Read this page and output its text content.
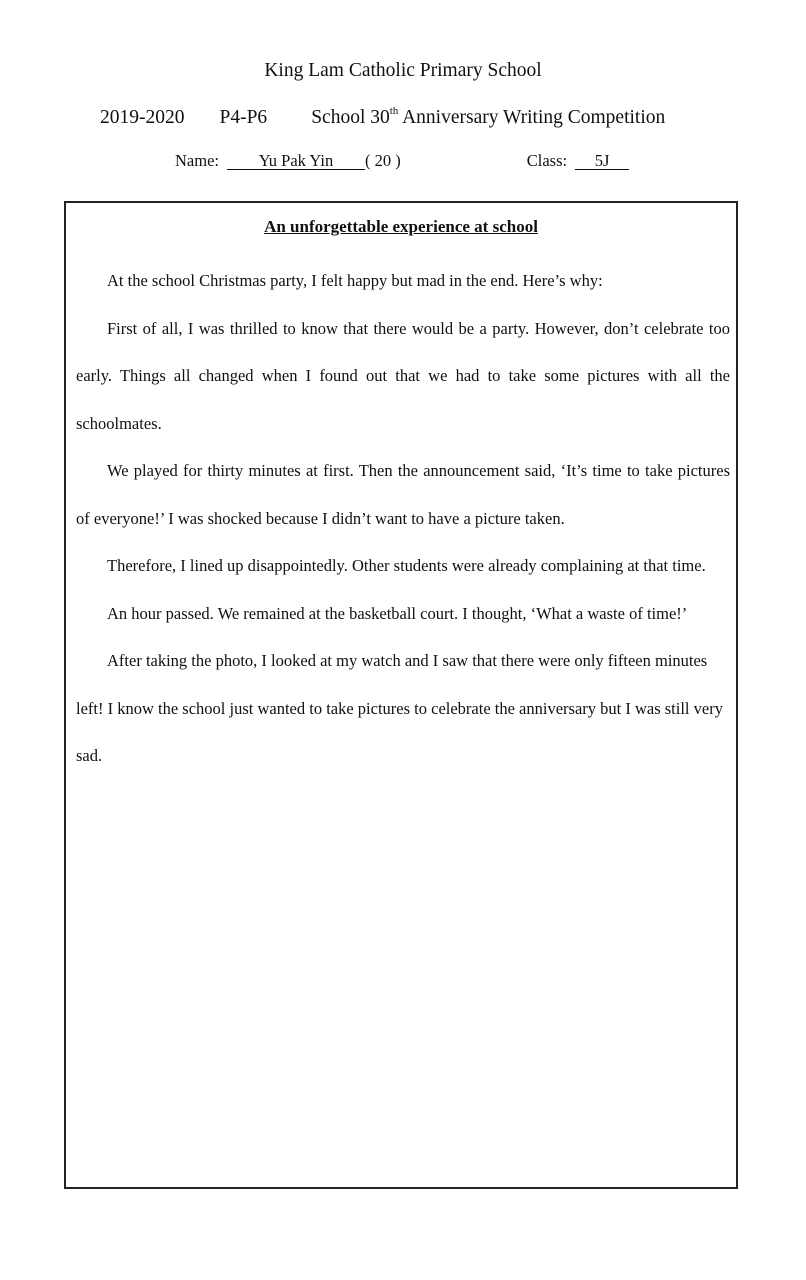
King Lam Catholic Primary School
2019-2020 P4-P6 School 30th Anniversary Writing Competition
Name: Yu Pak Yin ( 20 )	Class: 5J
An unforgettable experience at school

At the school Christmas party, I felt happy but mad in the end. Here’s why:

First of all, I was thrilled to know that there would be a party. However, don’t celebrate too early. Things all changed when I found out that we had to take some pictures with all the schoolmates.

We played for thirty minutes at first. Then the announcement said, ‘It’s time to take pictures of everyone!’ I was shocked because I didn’t want to have a picture taken.

Therefore, I lined up disappointedly. Other students were already complaining at that time.

An hour passed. We remained at the basketball court. I thought, ‘What a waste of time!’

After taking the photo, I looked at my watch and I saw that there were only fifteen minutes left! I know the school just wanted to take pictures to celebrate the anniversary but I was still very sad.
